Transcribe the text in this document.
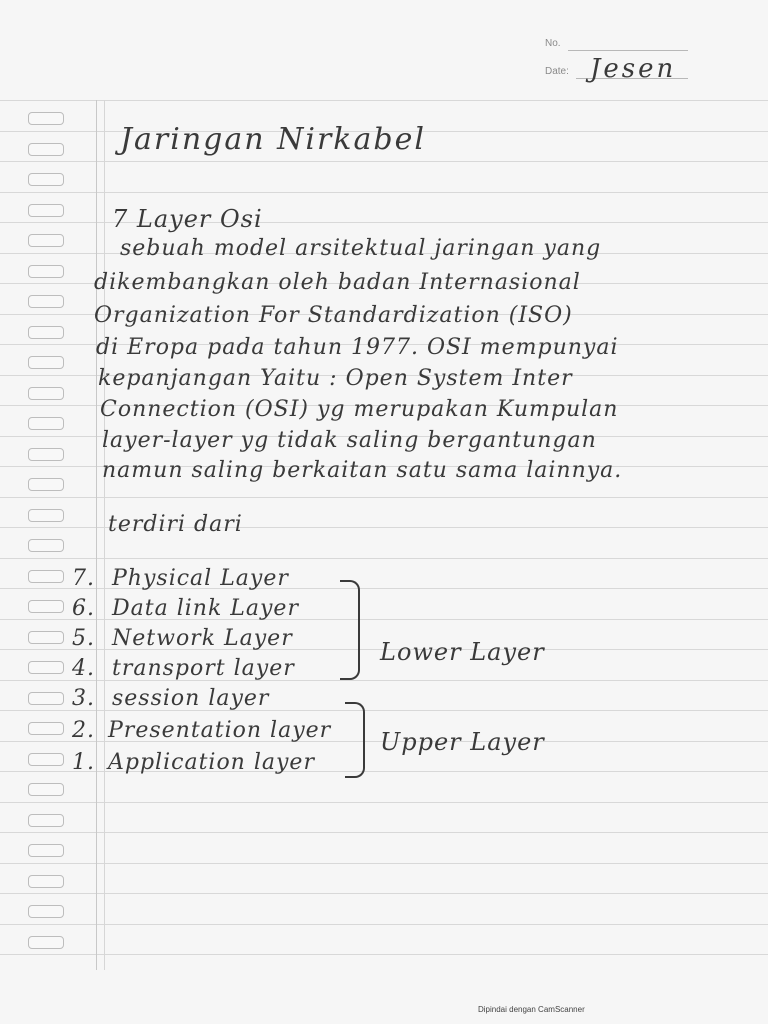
No.
Date: Jesen
Jaringan Nirkabel
7 Layer Osi
sebuah model arsitektual jaringan yang
dikembangkan oleh badan Internasional
Organization For Standardization (ISO)
di Eropa pada tahun 1977. OSI mempunyai
kepanjangan Yaitu : Open System Inter
Connection (OSI) yg merupakan Kumpulan
layer-layer yg tidak saling bergantungan
namun saling berkaitan satu sama lainnya.
terdiri dari
7. Physical Layer
6. Data link Layer
5. Network Layer
4. transport layer
3. session layer
2. Presentation layer
1. Application layer
Lower Layer
Upper Layer
Dipindai dengan CamScanner
